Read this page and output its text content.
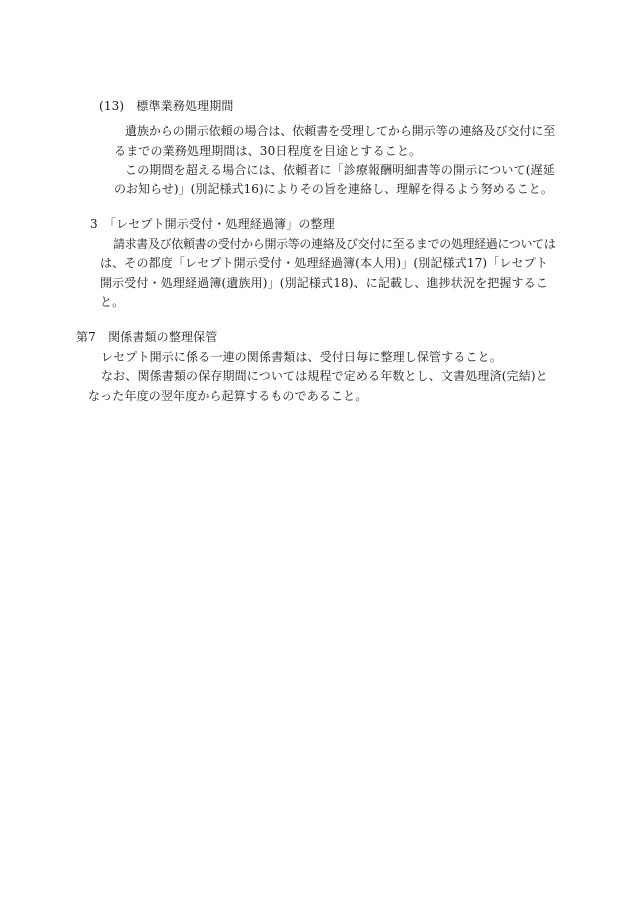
(13)　標準業務処理期間
遺族からの開示依頼の場合は、依頼書を受理してから開示等の連絡及び交付に至
るまでの業務処理期間は、30日程度を目途とすること。
この期間を超える場合には、依頼者に「診療報酬明細書等の開示について(遅延
のお知らせ)」(別記様式16)によりその旨を連絡し、理解を得るよう努めること。
3　「レセプト開示受付・処理経過簿」の整理
請求書及び依頼書の受付から開示等の連絡及び交付に至るまでの処理経過については
は、その都度「レセプト開示受付・処理経過簿(本人用)」(別記様式17)「レセプト
開示受付・処理経過簿(遺族用)」(別記様式18)、に記載し、進捗状況を把握するこ
と。
第7　関係書類の整理保管
レセプト開示に係る一連の関係書類は、受付日毎に整理し保管すること。
なお、関係書類の保存期間については規程で定める年数とし、文書処理済(完結)と
なった年度の翌年度から起算するものであること。
